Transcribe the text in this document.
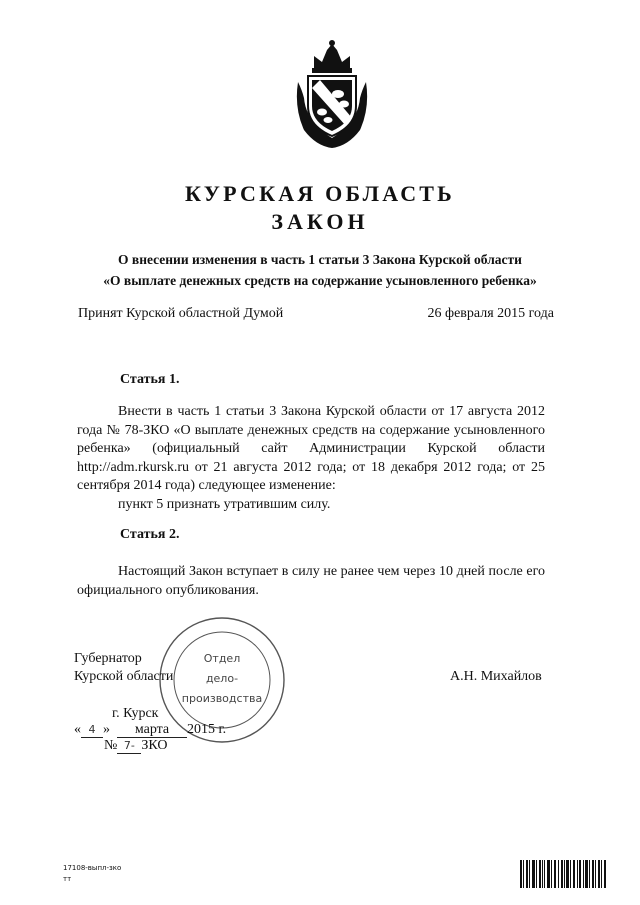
КУРСКАЯ ОБЛАСТЬ
ЗАКОН
О внесении изменения в часть 1 статьи 3 Закона Курской области
«О выплате денежных средств на содержание усыновленного ребенка»
Принят Курской областной Думой	26 февраля 2015 года
Статья 1.

Внести в часть 1 статьи 3 Закона Курской области от 17 августа 2012 года № 78-ЗКО «О выплате денежных средств на содержание усыновленного ребенка» (официальный сайт Администрации Курской области http://adm.rkursk.ru от 21 августа 2012 года; от 18 декабря 2012 года; от 25 сентября 2014 года) следующее изменение:

пункт 5 признать утратившим силу.

Статья 2.

Настоящий Закон вступает в силу не ранее чем через 10 дней после его официального опубликования.

Отдел
дело-
производства
Губернатор
Курской области	А.Н. Михайлов
г. Курск
« 4 »  марта 2015 г.
№ 7- ЗКО
17108-выпл-зко
тт
